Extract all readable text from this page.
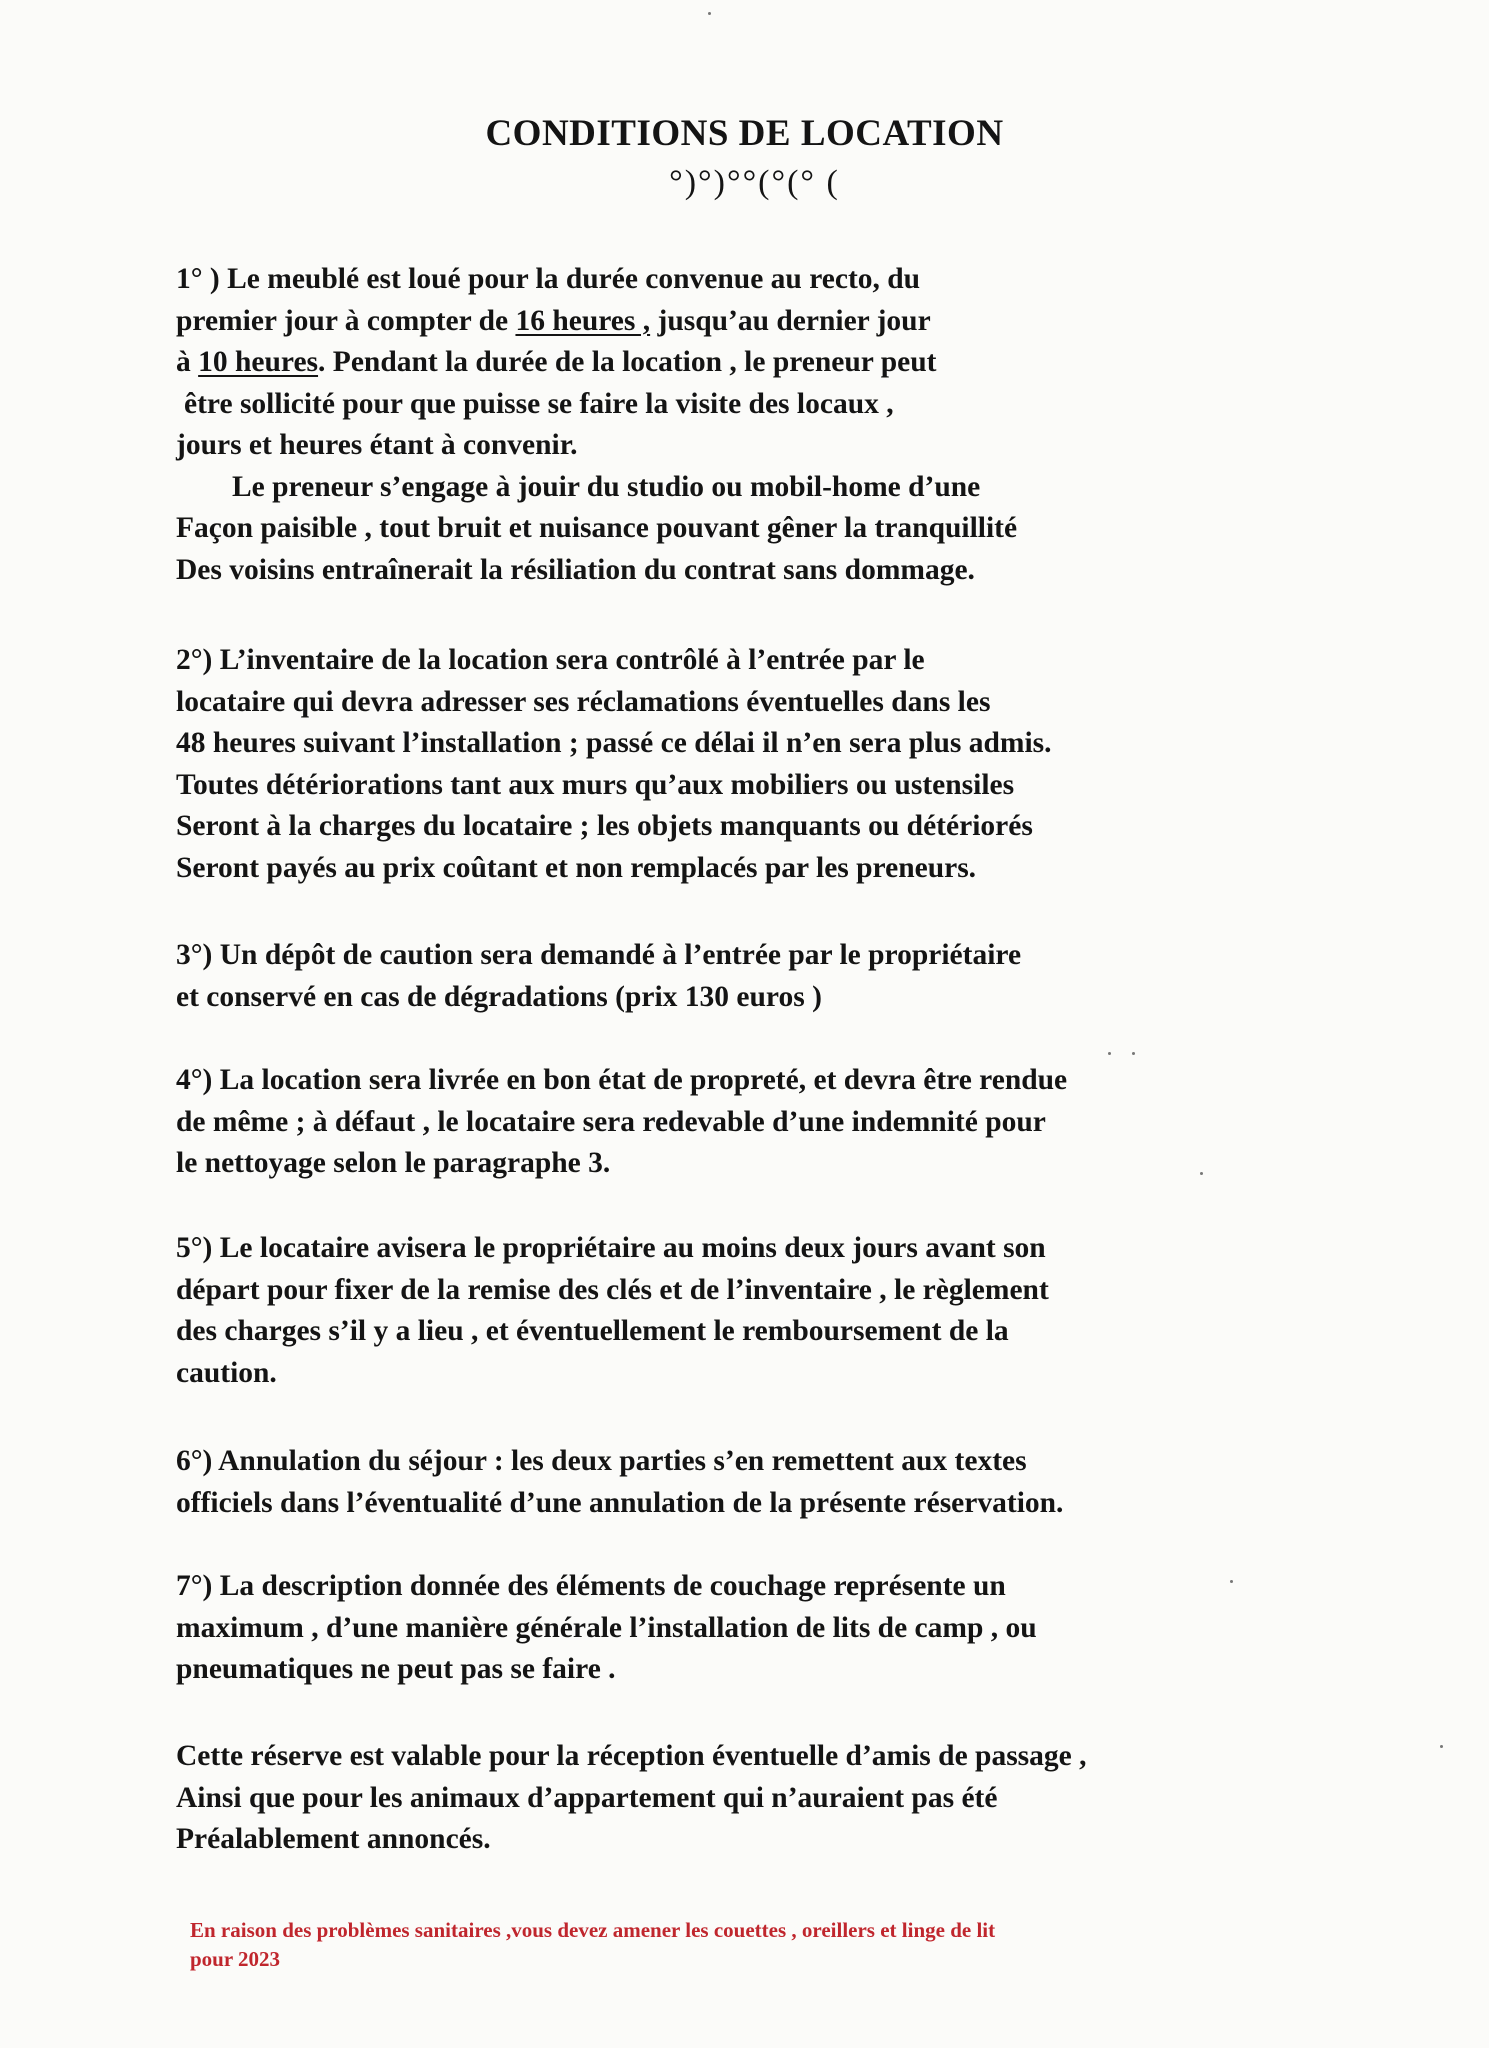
CONDITIONS DE LOCATION
°)°)°°(°(° (
1° ) Le meublé est loué pour la durée convenue au recto, du
premier jour à compter de 16 heures , jusqu’au dernier jour
à 10 heures. Pendant la durée de la location , le preneur peut
être sollicité pour que puisse se faire la visite des locaux ,
jours et heures étant à convenir.
Le preneur s’engage à jouir du studio ou mobil-home d’une
Façon paisible , tout bruit et nuisance pouvant gêner la tranquillité
Des voisins entraînerait la résiliation du contrat sans dommage.
2°) L’inventaire de la location sera contrôlé à l’entrée par le
locataire qui devra adresser ses réclamations éventuelles dans les
48 heures suivant l’installation ; passé ce délai il n’en sera plus admis.
Toutes détériorations tant aux murs qu’aux mobiliers ou ustensiles
Seront à la charges du locataire ; les objets manquants ou détériorés
Seront payés au prix coûtant et non remplacés par les preneurs.
3°) Un dépôt de caution sera demandé à l’entrée par le propriétaire
et conservé en cas de dégradations (prix 130 euros )
4°) La location sera livrée en bon état de propreté, et devra être rendue
de même ; à défaut , le locataire sera redevable d’une indemnité pour
le nettoyage selon le paragraphe 3.
5°) Le locataire avisera le propriétaire au moins deux jours avant son
départ pour fixer de la remise des clés et de l’inventaire , le règlement
des charges s’il y a lieu , et éventuellement le remboursement de la
caution.
6°) Annulation du séjour : les deux parties s’en remettent aux textes
officiels dans l’éventualité d’une annulation de la présente réservation.
7°) La description donnée des éléments de couchage représente un
maximum , d’une manière générale l’installation de lits de camp , ou
pneumatiques ne peut pas se faire .
Cette réserve est valable pour la réception éventuelle d’amis de passage ,
Ainsi que pour les animaux d’appartement qui n’auraient pas été
Préalablement annoncés.
En raison des problèmes sanitaires ,vous devez amener les couettes , oreillers et linge de lit
pour 2023
